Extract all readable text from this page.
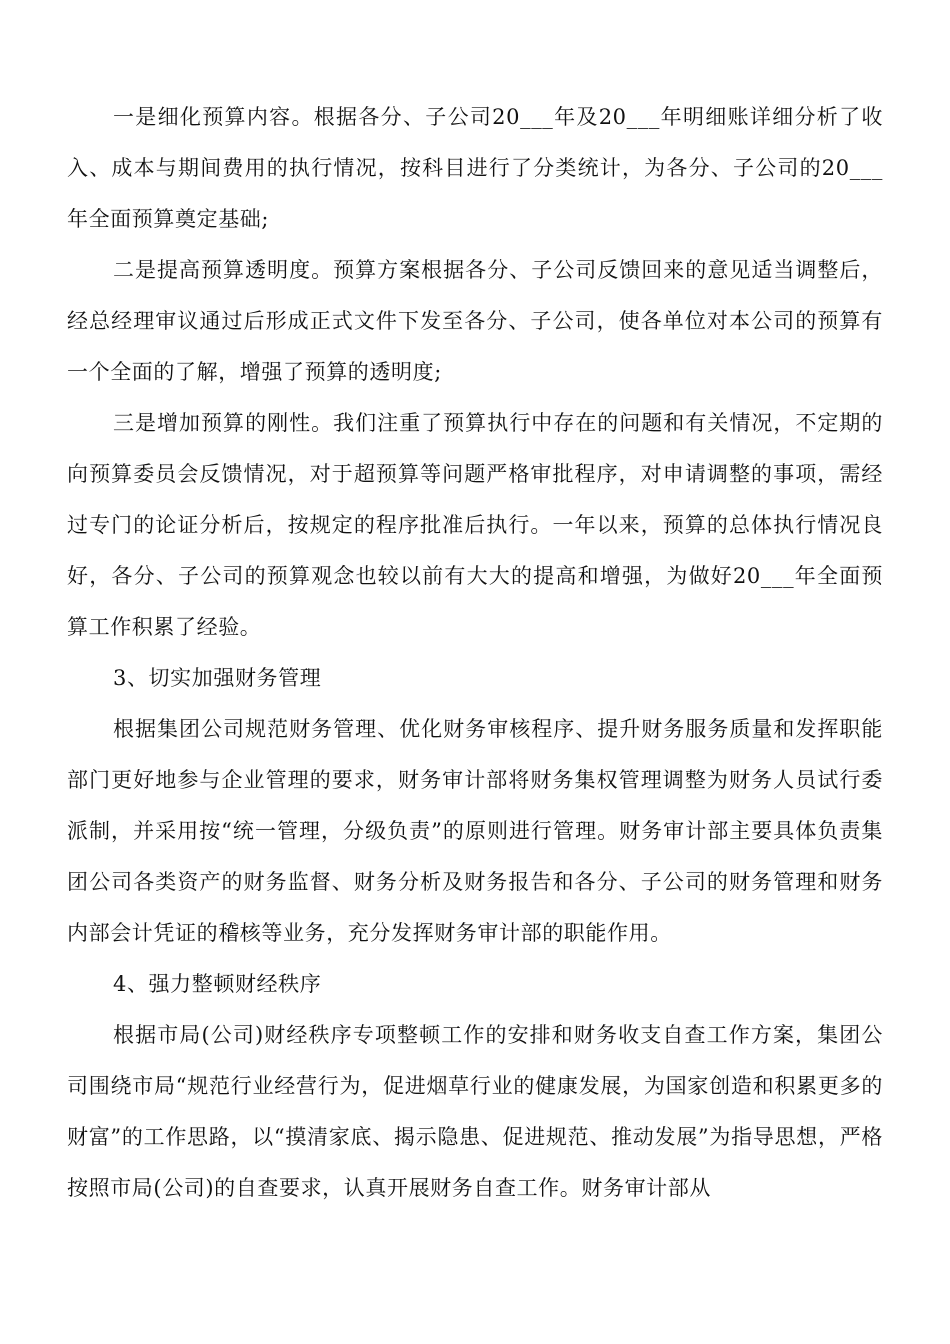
一是细化预算内容。根据各分、子公司20___年及20___年明细账详细分析了收入、成本与期间费用的执行情况，按科目进行了分类统计，为各分、子公司的20___年全面预算奠定基础;

二是提高预算透明度。预算方案根据各分、子公司反馈回来的意见适当调整后，经总经理审议通过后形成正式文件下发至各分、子公司，使各单位对本公司的预算有一个全面的了解，增强了预算的透明度;

三是增加预算的刚性。我们注重了预算执行中存在的问题和有关情况，不定期的向预算委员会反馈情况，对于超预算等问题严格审批程序，对申请调整的事项，需经过专门的论证分析后，按规定的程序批准后执行。一年以来，预算的总体执行情况良好，各分、子公司的预算观念也较以前有大大的提高和增强，为做好20___年全面预算工作积累了经验。

3、切实加强财务管理

根据集团公司规范财务管理、优化财务审核程序、提升财务服务质量和发挥职能部门更好地参与企业管理的要求，财务审计部将财务集权管理调整为财务人员试行委派制，并采用按“统一管理，分级负责”的原则进行管理。财务审计部主要具体负责集团公司各类资产的财务监督、财务分析及财务报告和各分、子公司的财务管理和财务内部会计凭证的稽核等业务，充分发挥财务审计部的职能作用。

4、强力整顿财经秩序

根据市局(公司)财经秩序专项整顿工作的安排和财务收支自查工作方案，集团公司围绕市局“规范行业经营行为，促进烟草行业的健康发展，为国家创造和积累更多的财富”的工作思路，以“摸清家底、揭示隐患、促进规范、推动发展”为指导思想，严格按照市局(公司)的自查要求，认真开展财务自查工作。财务审计部从
